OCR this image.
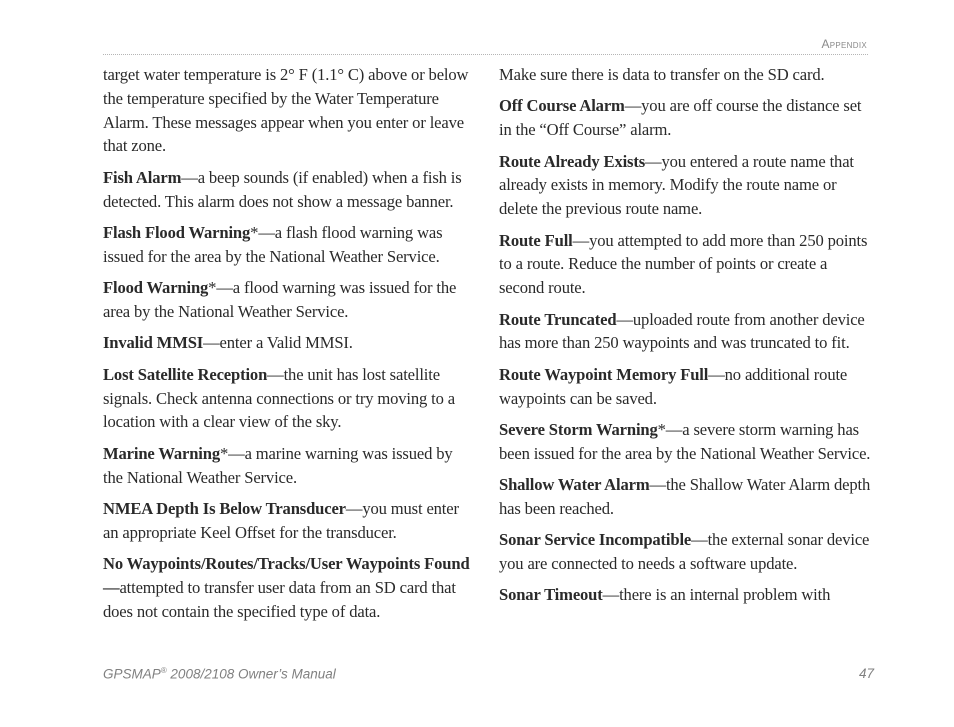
Appendix

target water temperature is 2° F (1.1° C) above or below the temperature specified by the Water Temperature Alarm. These messages appear when you enter or leave that zone.

Fish Alarm—a beep sounds (if enabled) when a fish is detected. This alarm does not show a message banner.

Flash Flood Warning*—a flash flood warning was issued for the area by the National Weather Service.

Flood Warning*—a flood warning was issued for the area by the National Weather Service.

Invalid MMSI—enter a Valid MMSI.

Lost Satellite Reception—the unit has lost satellite signals. Check antenna connections or try moving to a location with a clear view of the sky.

Marine Warning*—a marine warning was issued by the National Weather Service.

NMEA Depth Is Below Transducer—you must enter an appropriate Keel Offset for the transducer.

No Waypoints/Routes/Tracks/User Waypoints Found—attempted to transfer user data from an SD card that does not contain the specified type of data.

Make sure there is data to transfer on the SD card.

Off Course Alarm—you are off course the distance set in the “Off Course” alarm.

Route Already Exists—you entered a route name that already exists in memory. Modify the route name or delete the previous route name.

Route Full—you attempted to add more than 250 points to a route. Reduce the number of points or create a second route.

Route Truncated—uploaded route from another device has more than 250 waypoints and was truncated to fit.

Route Waypoint Memory Full—no additional route waypoints can be saved.

Severe Storm Warning*—a severe storm warning has been issued for the area by the National Weather Service.

Shallow Water Alarm—the Shallow Water Alarm depth has been reached.

Sonar Service Incompatible—the external sonar device you are connected to needs a software update.

Sonar Timeout—there is an internal problem with

GPSMAP® 2008/2108 Owner’s Manual	47
